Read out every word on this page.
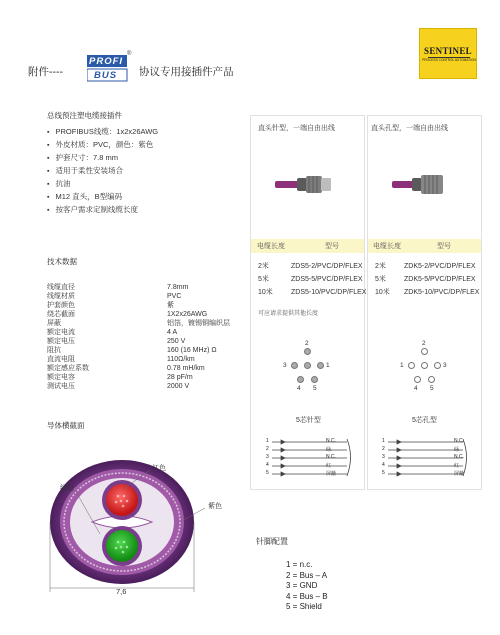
附件----
PROFI
BUS
®
协议专用接插件产品
SENTINEL
PROCESS CONTROL AUTOMATION
总线预注塑电缆接插件
▪ PROFIBUS线缆：1x2x26AWG
▪ 外皮材质：PVC，颜色：紫色
▪ 护套尺寸：7.8 mm
▪ 适用于柔性安装场合
▪ 抗油
▪ M12 直头，B型编码
▪ 按客户需求定制线缆长度
技术数据
线缆直径	7.8mm
线缆材质	PVC
护套颜色	紫
绕芯截面	1X2x26AWG
屏蔽	铝箔，镀锡铜编织层
额定电流	4 A
额定电压	250 V
阻抗	160 (16 MHz) Ω
直流电阻	110Ω/km
额定感应系数	0.78 mH/km
额定电容	28 pF/m
测试电压	2000 V
导体横截面
红色
绿色
紫色
7,6
直头针型，一端自由出线	直头孔型，一端自由出线
电缆长度	型号	电缆长度	型号
2米	ZDS5-2/PVC/DP/FLEX
5米	ZDS5-5/PVC/DP/FLEX
10米	ZDS5-10/PVC/DP/FLEX
2米	ZDK5-2/PVC/DP/FLEX
5米	ZDK5-5/PVC/DP/FLEX
10米 ZDK5-10/PVC/DP/FLEX
可应请求提供其他长度
2
3	1
4 5
5芯针型
2
1	3
4 5
5芯孔型
1
2
3
4
5
N.C.
绿
N.C.
红
屏蔽
1
2
3
4
5
N.C.
绿
N.C.
红
屏蔽
针脚配置
1 = n.c.
2 = Bus – A
3 = GND
4 = Bus – B
5 = Shield
